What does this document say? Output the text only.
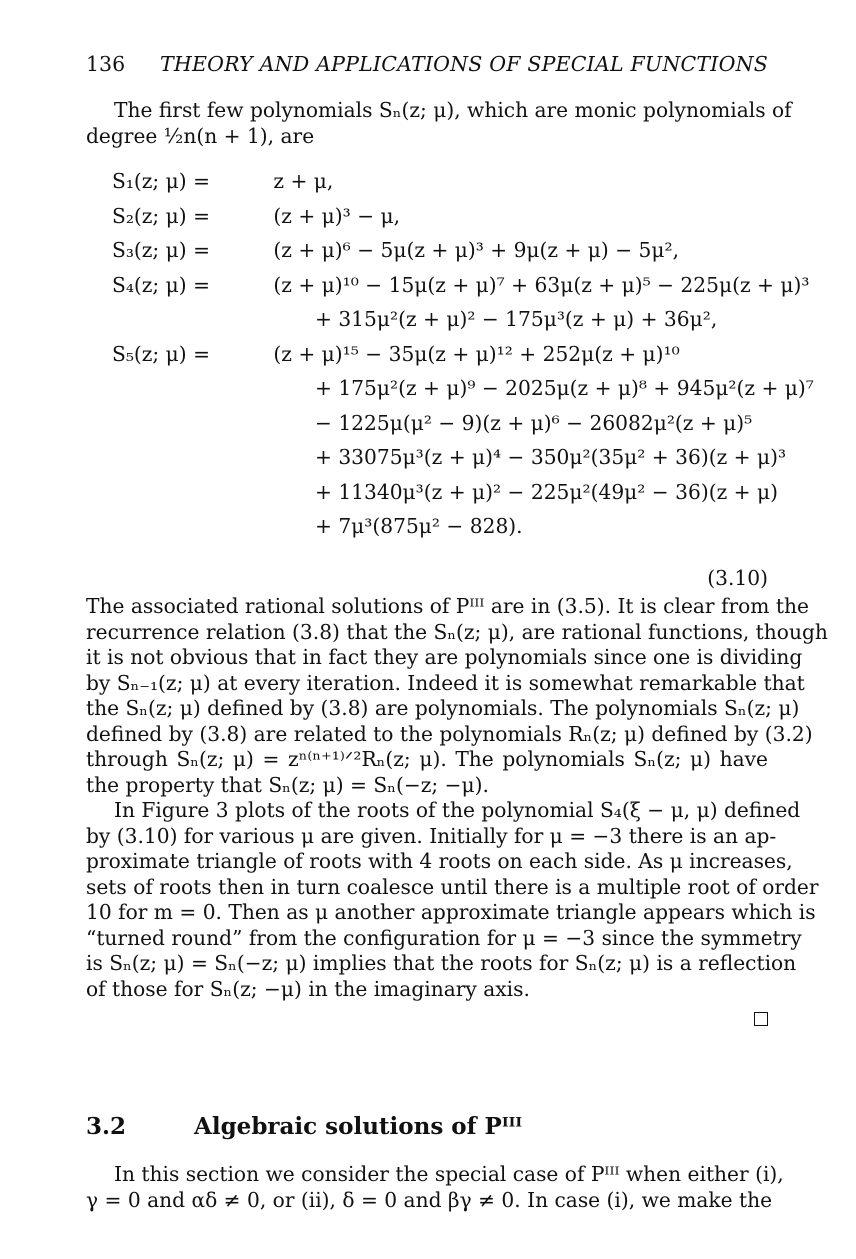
136 THEORY AND APPLICATIONS OF SPECIAL FUNCTIONS
The first few polynomials Sₙ(z; μ), which are monic polynomials of
degree ½n(n + 1), are
S₁(z; μ) =	z + μ,
S₂(z; μ) =	(z + μ)³ − μ,
S₃(z; μ) =	(z + μ)⁶ − 5μ(z + μ)³ + 9μ(z + μ) − 5μ²,
S₄(z; μ) =	(z + μ)¹⁰ − 15μ(z + μ)⁷ + 63μ(z + μ)⁵ − 225μ(z + μ)³
+ 315μ²(z + μ)² − 175μ³(z + μ) + 36μ²,
S₅(z; μ) =	(z + μ)¹⁵ − 35μ(z + μ)¹² + 252μ(z + μ)¹⁰
+ 175μ²(z + μ)⁹ − 2025μ(z + μ)⁸ + 945μ²(z + μ)⁷
− 1225μ(μ² − 9)(z + μ)⁶ − 26082μ²(z + μ)⁵
+ 33075μ³(z + μ)⁴ − 350μ²(35μ² + 36)(z + μ)³
+ 11340μ³(z + μ)² − 225μ²(49μ² − 36)(z + μ)
+ 7μ³(875μ² − 828).
(3.10)
The associated rational solutions of Pᴵᴵᴵ are in (3.5). It is clear from the
recurrence relation (3.8) that the Sₙ(z; μ), are rational functions, though
it is not obvious that in fact they are polynomials since one is dividing
by Sₙ₋₁(z; μ) at every iteration. Indeed it is somewhat remarkable that
the Sₙ(z; μ) defined by (3.8) are polynomials. The polynomials Sₙ(z; μ)
defined by (3.8) are related to the polynomials Rₙ(z; μ) defined by (3.2)
through Sₙ(z; μ) = zⁿ⁽ⁿ⁺¹⁾ᐟ²Rₙ(z; μ). The polynomials Sₙ(z; μ) have
the property that Sₙ(z; μ) = Sₙ(−z; −μ).
In Figure 3 plots of the roots of the polynomial S₄(ξ − μ, μ) defined
by (3.10) for various μ are given. Initially for μ = −3 there is an ap-
proximate triangle of roots with 4 roots on each side. As μ increases,
sets of roots then in turn coalesce until there is a multiple root of order
10 for m = 0. Then as μ another approximate triangle appears which is
“turned round” from the configuration for μ = −3 since the symmetry
is Sₙ(z; μ) = Sₙ(−z; μ) implies that the roots for Sₙ(z; μ) is a reflection
of those for Sₙ(z; −μ) in the imaginary axis.
3.2	Algebraic solutions of Pᴵᴵᴵ
In this section we consider the special case of Pᴵᴵᴵ when either (i),
γ = 0 and αδ ≠ 0, or (ii), δ = 0 and βγ ≠ 0. In case (i), we make the
